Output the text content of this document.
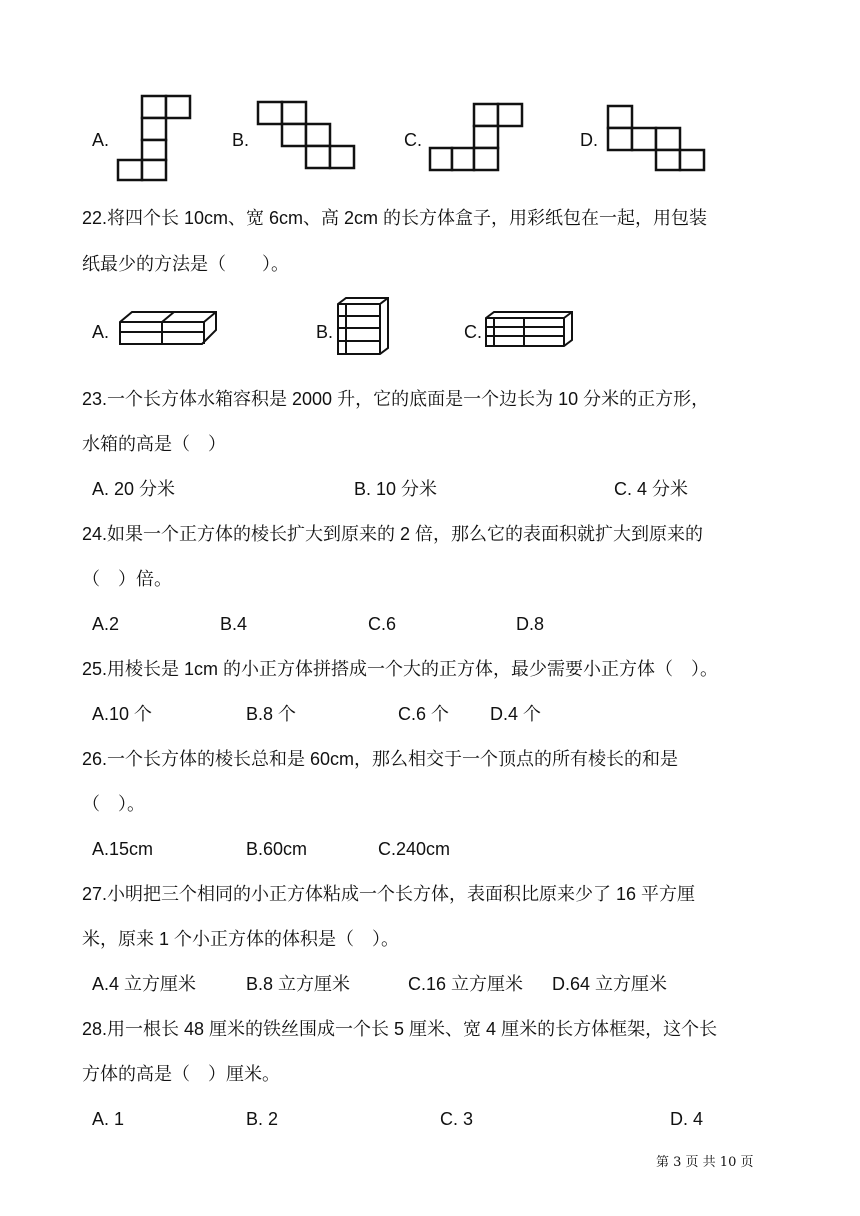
A.	B.	C.	D.
22.将四个长 10cm、宽 6cm、高 2cm 的长方体盒子，用彩纸包在一起，用包装
纸最少的方法是（　　）。
A.	B.	C.
23.一个长方体水箱容积是 2000 升，它的底面是一个边长为 10 分米的正方形，
水箱的高是（　）
A. 20 分米	B. 10 分米	C. 4 分米
24.如果一个正方体的棱长扩大到原来的 2 倍，那么它的表面积就扩大到原来的
（　）倍。
A.2	B.4	C.6	D.8
25.用棱长是 1cm 的小正方体拼搭成一个大的正方体，最少需要小正方体（　）。
A.10 个	B.8 个	C.6 个 D.4 个
26.一个长方体的棱长总和是 60cm，那么相交于一个顶点的所有棱长的和是
（　）。
A.15cm	B.60cm	C.240cm
27.小明把三个相同的小正方体粘成一个长方体，表面积比原来少了 16 平方厘
米，原来 1 个小正方体的体积是（　）。
A.4 立方厘米	B.8 立方厘米	C.16 立方厘米 D.64 立方厘米
28.用一根长 48 厘米的铁丝围成一个长 5 厘米、宽 4 厘米的长方体框架，这个长
方体的高是（　）厘米。
A. 1	B. 2	C. 3	D. 4
第 3 页 共 10 页
